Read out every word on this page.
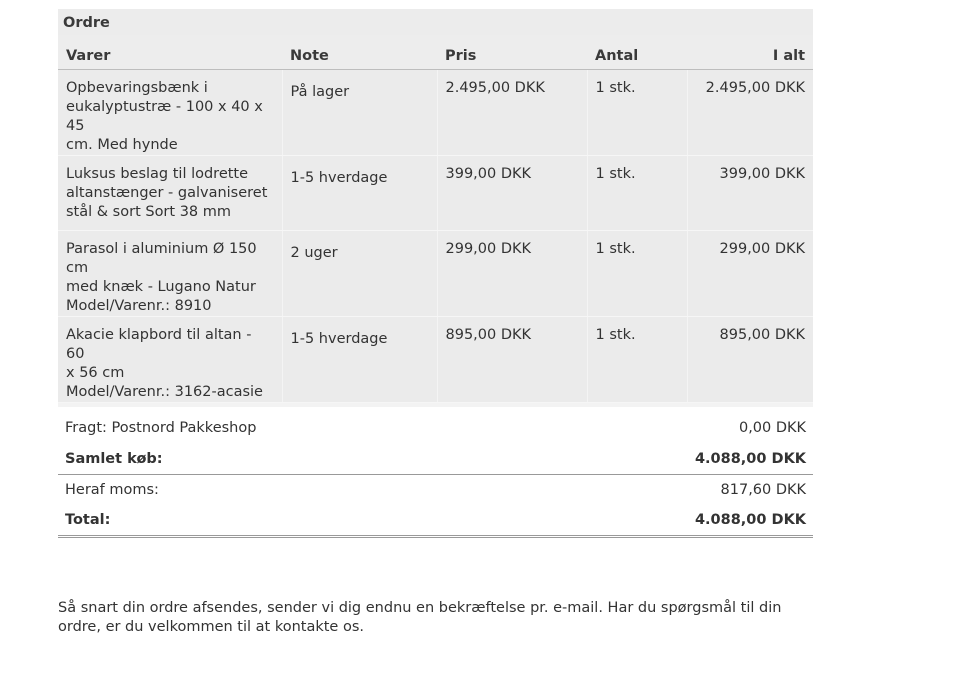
Ordre				
Varer	Note	Pris	Antal	I alt

Opbevaringsbænk i
eukalyptustræ - 100 x 40 x 45
cm. Med hynde	På lager	2.495,00 DKK	1 stk.	2.495,00 DKK

Luksus beslag til lodrette
altanstænger - galvaniseret
stål & sort Sort 38 mm	1-5 hverdage	399,00 DKK	1 stk.	399,00 DKK

Parasol i aluminium Ø 150 cm
med knæk - Lugano Natur
Model/Varenr.: 8910	2 uger	299,00 DKK	1 stk.	299,00 DKK

Akacie klapbord til altan - 60
x 56 cm
Model/Varenr.: 3162-acasie	1-5 hverdage	895,00 DKK	1 stk.	895,00 DKK

Fragt: Postnord Pakkeshop			0,00 DKK	
Samlet køb:			4.088,00 DKK	
Heraf moms:			817,60 DKK	
Total:			4.088,00 DKK	

Så snart din ordre afsendes, sender vi dig endnu en bekræftelse pr. e-mail. Har du spørgsmål til din ordre, er du velkommen til at kontakte os.
